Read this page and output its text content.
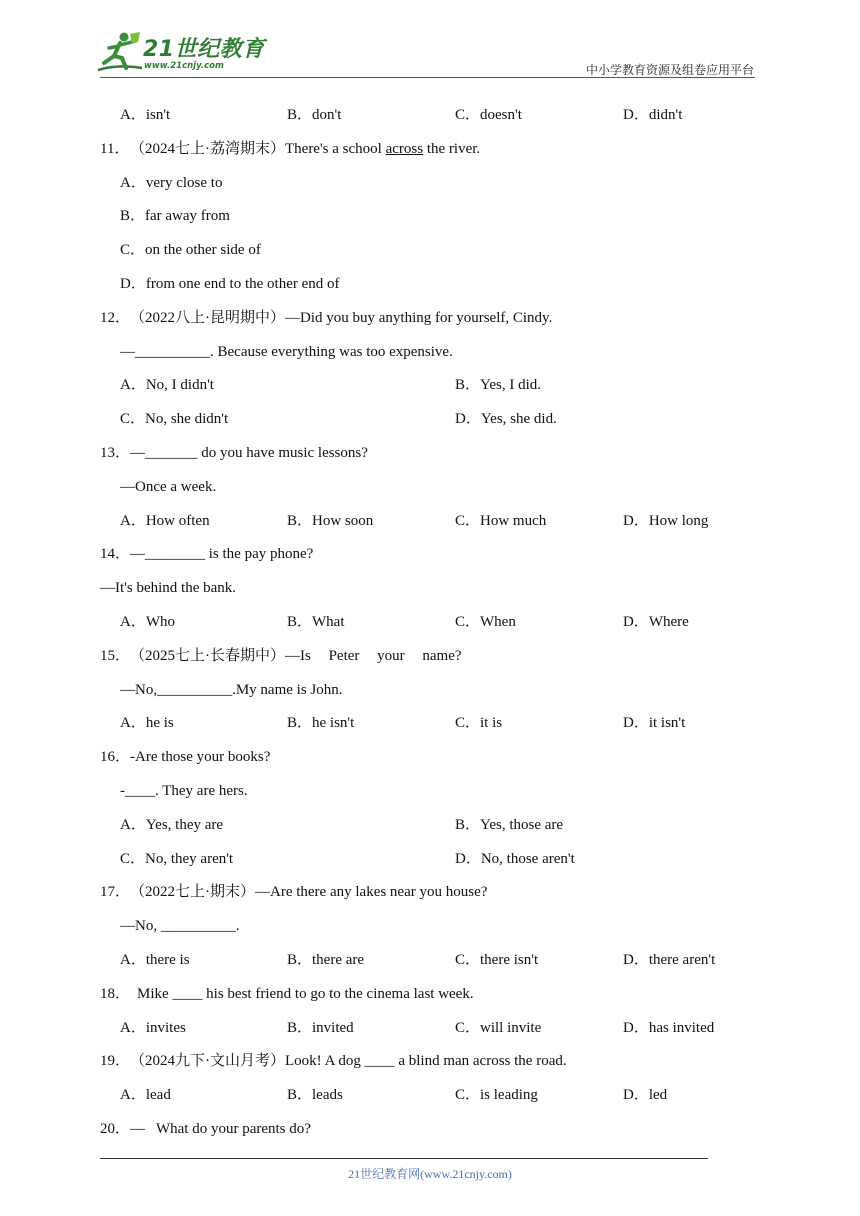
21世纪教育
www.21cnjy.com	中小学教育资源及组卷应用平台
A．isn't	B．don't	C．doesn't	D．didn't
11． （2024七上·荔湾期末）There's a school across the river.
A．very close to
B．far away from
C．on the other side of
D．from one end to the other end of
12． （2022八上·昆明期中）—Did you buy anything for yourself, Cindy.
—__________. Because everything was too expensive.
A．No, I didn't	B．Yes, I did.
C．No, she didn't	D．Yes, she did.
13． —_______ do you have music lessons?
—Once a week.
A．How often	B．How soon	C．How much	D．How long
14． —________ is the pay phone?
—It's behind the bank.
A．Who	B．What	C．When	D．Where
15． （2025七上·长春期中）—Is Peter your name?
—No,__________.My name is John.
A．he is	B．he isn't	C．it is	D．it isn't
16． -Are those your books?
-____. They are hers.
A．Yes, they are	B．Yes, those are
C．No, they aren't	D．No, those aren't
17． （2022七上·期末）—Are there any lakes near you house?
—No, __________.
A．there is	B．there are	C．there isn't	D．there aren't
18． Mike ____ his best friend to go to the cinema last week.
A．invites	B．invited	C．will invite	D．has invited
19． （2024九下·文山月考）Look! A dog ____ a blind man across the road.
A．lead	B．leads	C．is leading	D．led
20． —   What do your parents do?
21世纪教育网(www.21cnjy.com)
